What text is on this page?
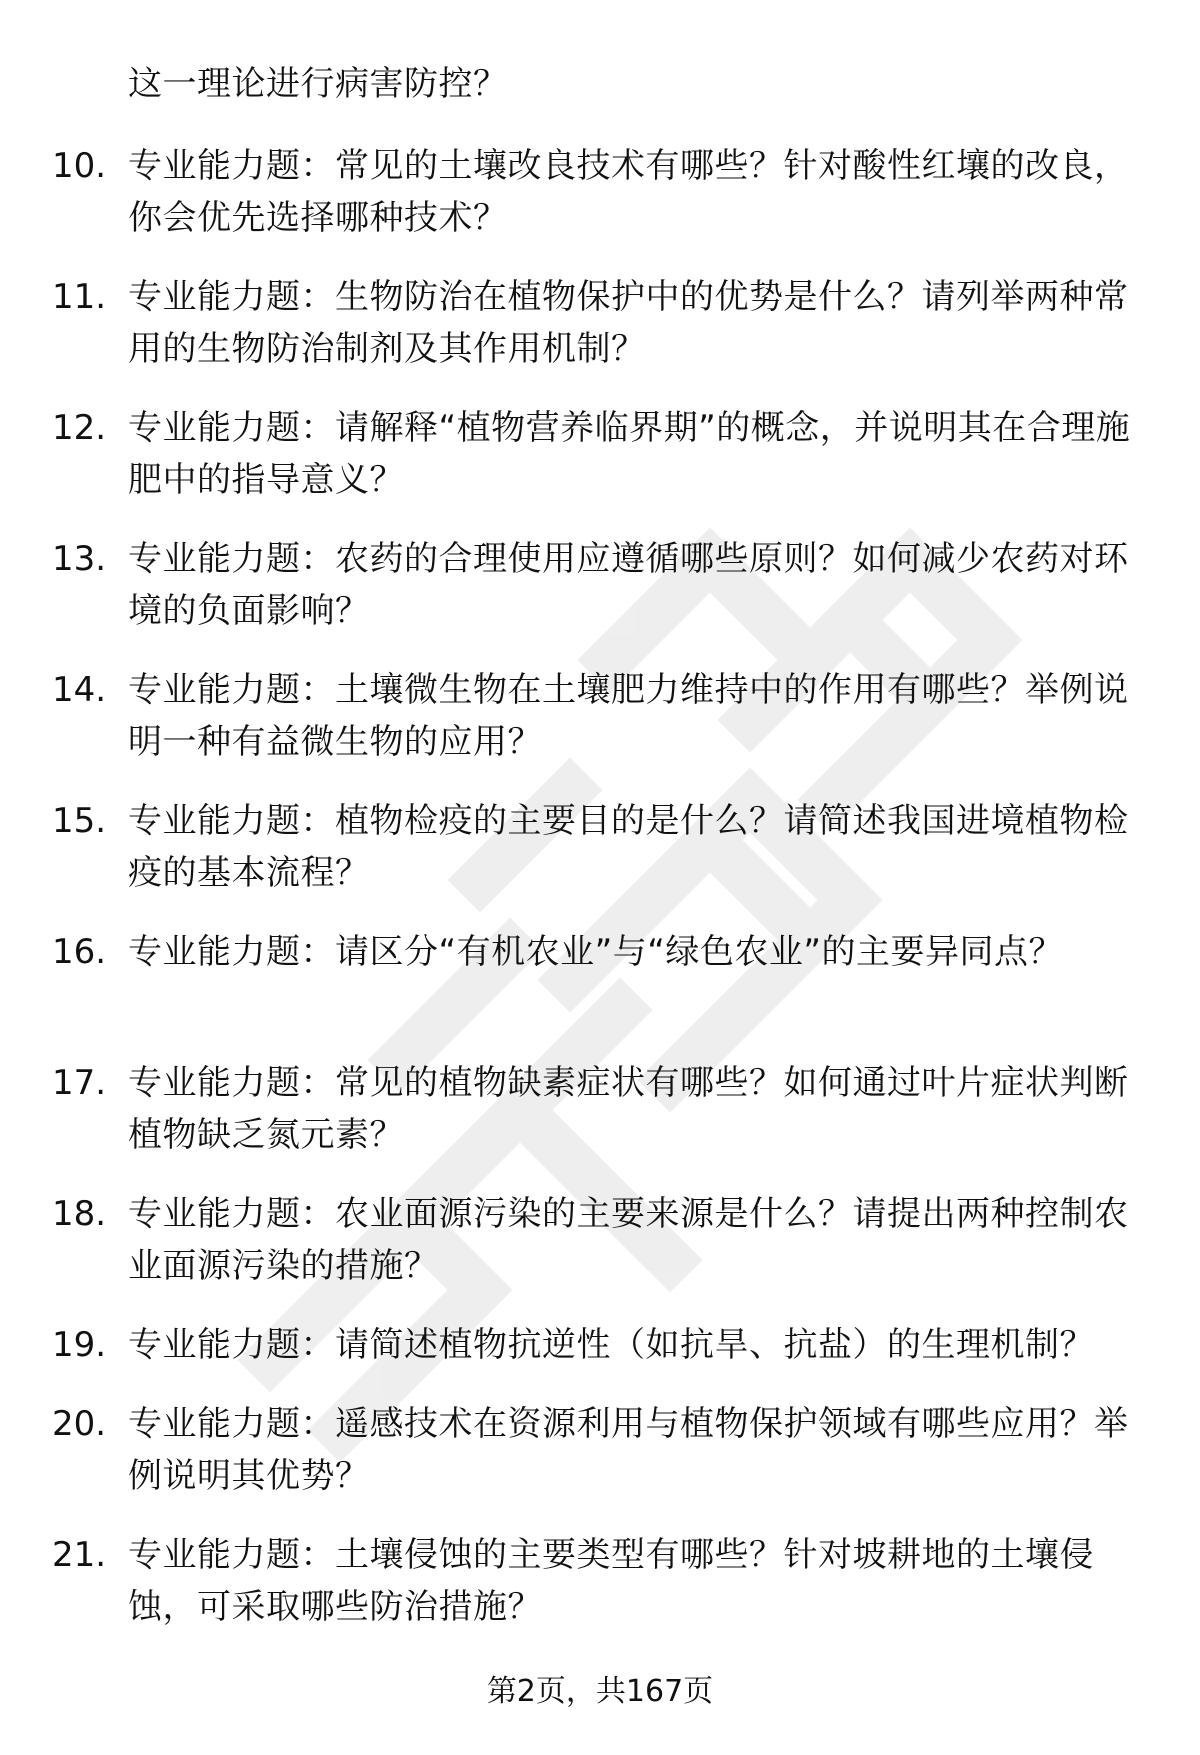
这一理论进行病害防控？
10. 专业能力题：常见的土壤改良技术有哪些？针对酸性红壤的改良，你会优先选择哪种技术？
11. 专业能力题：生物防治在植物保护中的优势是什么？请列举两种常用的生物防治制剂及其作用机制？
12. 专业能力题：请解释“植物营养临界期”的概念，并说明其在合理施肥中的指导意义？
13. 专业能力题：农药的合理使用应遵循哪些原则？如何减少农药对环境的负面影响？
14. 专业能力题：土壤微生物在土壤肥力维持中的作用有哪些？举例说明一种有益微生物的应用？
15. 专业能力题：植物检疫的主要目的是什么？请简述我国进境植物检疫的基本流程？
16. 专业能力题：请区分“有机农业”与“绿色农业”的主要异同点？
17. 专业能力题：常见的植物缺素症状有哪些？如何通过叶片症状判断植物缺乏氮元素？
18. 专业能力题：农业面源污染的主要来源是什么？请提出两种控制农业面源污染的措施？
19. 专业能力题：请简述植物抗逆性（如抗旱、抗盐）的生理机制？
20. 专业能力题：遥感技术在资源利用与植物保护领域有哪些应用？举例说明其优势？
21. 专业能力题：土壤侵蚀的主要类型有哪些？针对坡耕地的土壤侵蚀，可采取哪些防治措施？
第2页，共167页
